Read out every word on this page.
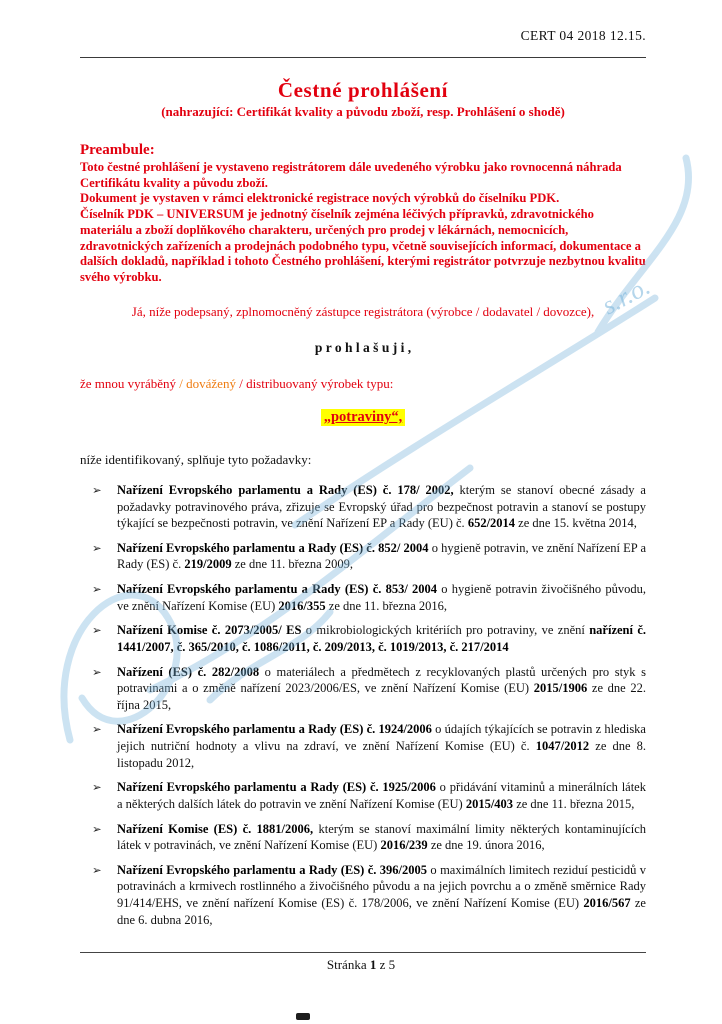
CERT 04 2018 12.15.
Čestné prohlášení
(nahrazující: Certifikát kvality a původu zboží, resp. Prohlášení o shodě)
Preambule:

Toto čestné prohlášení je vystaveno registrátorem dále uvedeného výrobku jako rovnocenná náhrada Certifikátu kvality a původu zboží.

Dokument je vystaven v rámci elektronické registrace nových výrobků do číselníku PDK.

Číselník PDK – UNIVERSUM je jednotný číselník zejména léčivých přípravků, zdravotnického materiálu a zboží doplňkového charakteru, určených pro prodej v lékárnách, nemocnicích, zdravotnických zařízeních a prodejnách podobného typu, včetně souvisejících informací, dokumentace a dalších dokladů, například i tohoto Čestného prohlášení, kterými registrátor potvrzuje nezbytnou kvalitu svého výrobku.

Já, níže podepsaný, zplnomocněný zástupce registrátora (výrobce / dodavatel / dovozce),
p r o h l a š u j i ,
že mnou vyráběný / dovážený / distribuovaný výrobek typu:
„potraviny“,
níže identifikovaný, splňuje tyto požadavky:
➢	Nařízení Evropského parlamentu a Rady (ES) č. 178/ 2002, kterým se stanoví obecné zásady a požadavky potravinového práva, zřizuje se Evropský úřad pro bezpečnost potravin a stanoví se postupy týkající se bezpečnosti potravin, ve znění Nařízení EP a Rady (EU) č. 652/2014 ze dne 15. května 2014,
➢	Nařízení Evropského parlamentu a Rady (ES) č. 852/ 2004 o hygieně potravin, ve znění Nařízení EP a Rady (ES) č. 219/2009 ze dne 11. března 2009,
➢	Nařízení Evropského parlamentu a Rady (ES) č. 853/ 2004 o hygieně potravin živočišného původu, ve znění Nařízení Komise (EU) 2016/355 ze dne 11. března 2016,
➢	Nařízení Komise č. 2073/2005/ ES o mikrobiologických kritériích pro potraviny, ve znění nařízení č. 1441/2007, č. 365/2010, č. 1086/2011, č. 209/2013, č. 1019/2013, č. 217/2014
➢	Nařízení (ES) č. 282/2008 o materiálech a předmětech z recyklovaných plastů určených pro styk s potravinami a o změně nařízení 2023/2006/ES, ve znění Nařízení Komise (EU) 2015/1906 ze dne 22. října 2015,
➢	Nařízení Evropského parlamentu a Rady (ES) č. 1924/2006 o údajích týkajících se potravin z hlediska jejich nutriční hodnoty a vlivu na zdraví, ve znění Nařízení Komise (EU) č. 1047/2012 ze dne 8. listopadu 2012,
➢	Nařízení Evropského parlamentu a Rady (ES) č. 1925/2006 o přidávání vitaminů a minerálních látek a některých dalších látek do potravin ve znění Nařízení Komise (EU) 2015/403 ze dne 11. března 2015,
➢	Nařízení Komise (ES) č. 1881/2006, kterým se stanoví maximální limity některých kontaminujících látek v potravinách, ve znění Nařízení Komise (EU) 2016/239 ze dne 19. února 2016,
➢	Nařízení Evropského parlamentu a Rady (ES) č. 396/2005 o maximálních limitech reziduí pesticidů v potravinách a krmivech rostlinného a živočišného původu a na jejich povrchu a o změně směrnice Rady 91/414/EHS, ve znění nařízení Komise (ES) č. 178/2006, ve znění Nařízení Komise (EU) 2016/567 ze dne 6. dubna 2016,
Stránka 1 z 5
s.r.o.
